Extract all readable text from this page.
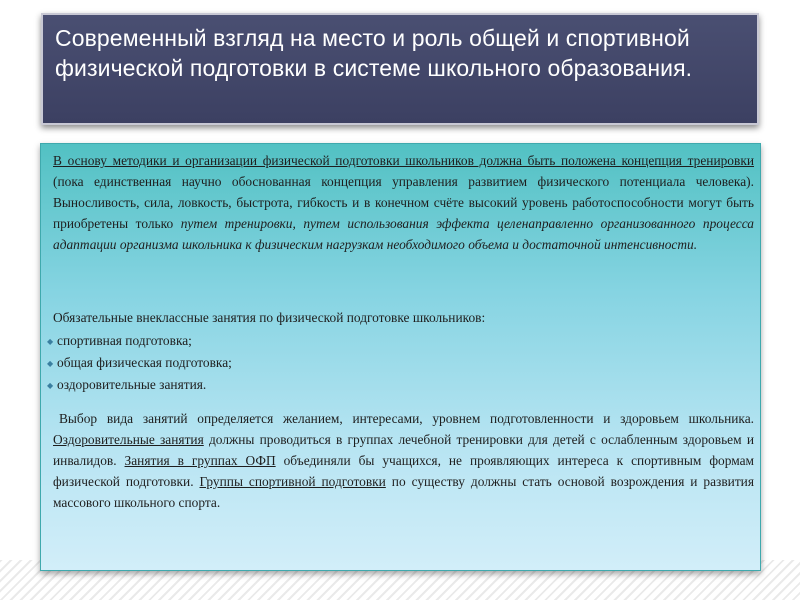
Современный взгляд на место и роль общей и спортивной физической подготовки в системе школьного образования.

В основу методики и организации физической подготовки школьников должна быть положена концепция тренировки (пока единственная научно обоснованная концепция управления развитием физического потенциала человека). Выносливость, сила, ловкость, быстрота, гибкость и в конечном счёте высокий уровень работоспособности могут быть приобретены только путем тренировки, путем использования эффекта целенаправленно организованного процесса адаптации организма школьника к физическим нагрузкам необходимого объема и достаточной интенсивности.

Обязательные внеклассные занятия по физической подготовке школьников:
◆ спортивная подготовка;
◆ общая физическая подготовка;
◆ оздоровительные занятия.

Выбор вида занятий определяется желанием, интересами, уровнем подготовленности и здоровьем школьника. Оздоровительные занятия должны проводиться в группах лечебной тренировки для детей с ослабленным здоровьем и инвалидов. Занятия в группах ОФП объединяли бы учащихся, не проявляющих интереса к спортивным формам физической подготовки. Группы спортивной подготовки по существу должны стать основой возрождения и развития массового школьного спорта.
